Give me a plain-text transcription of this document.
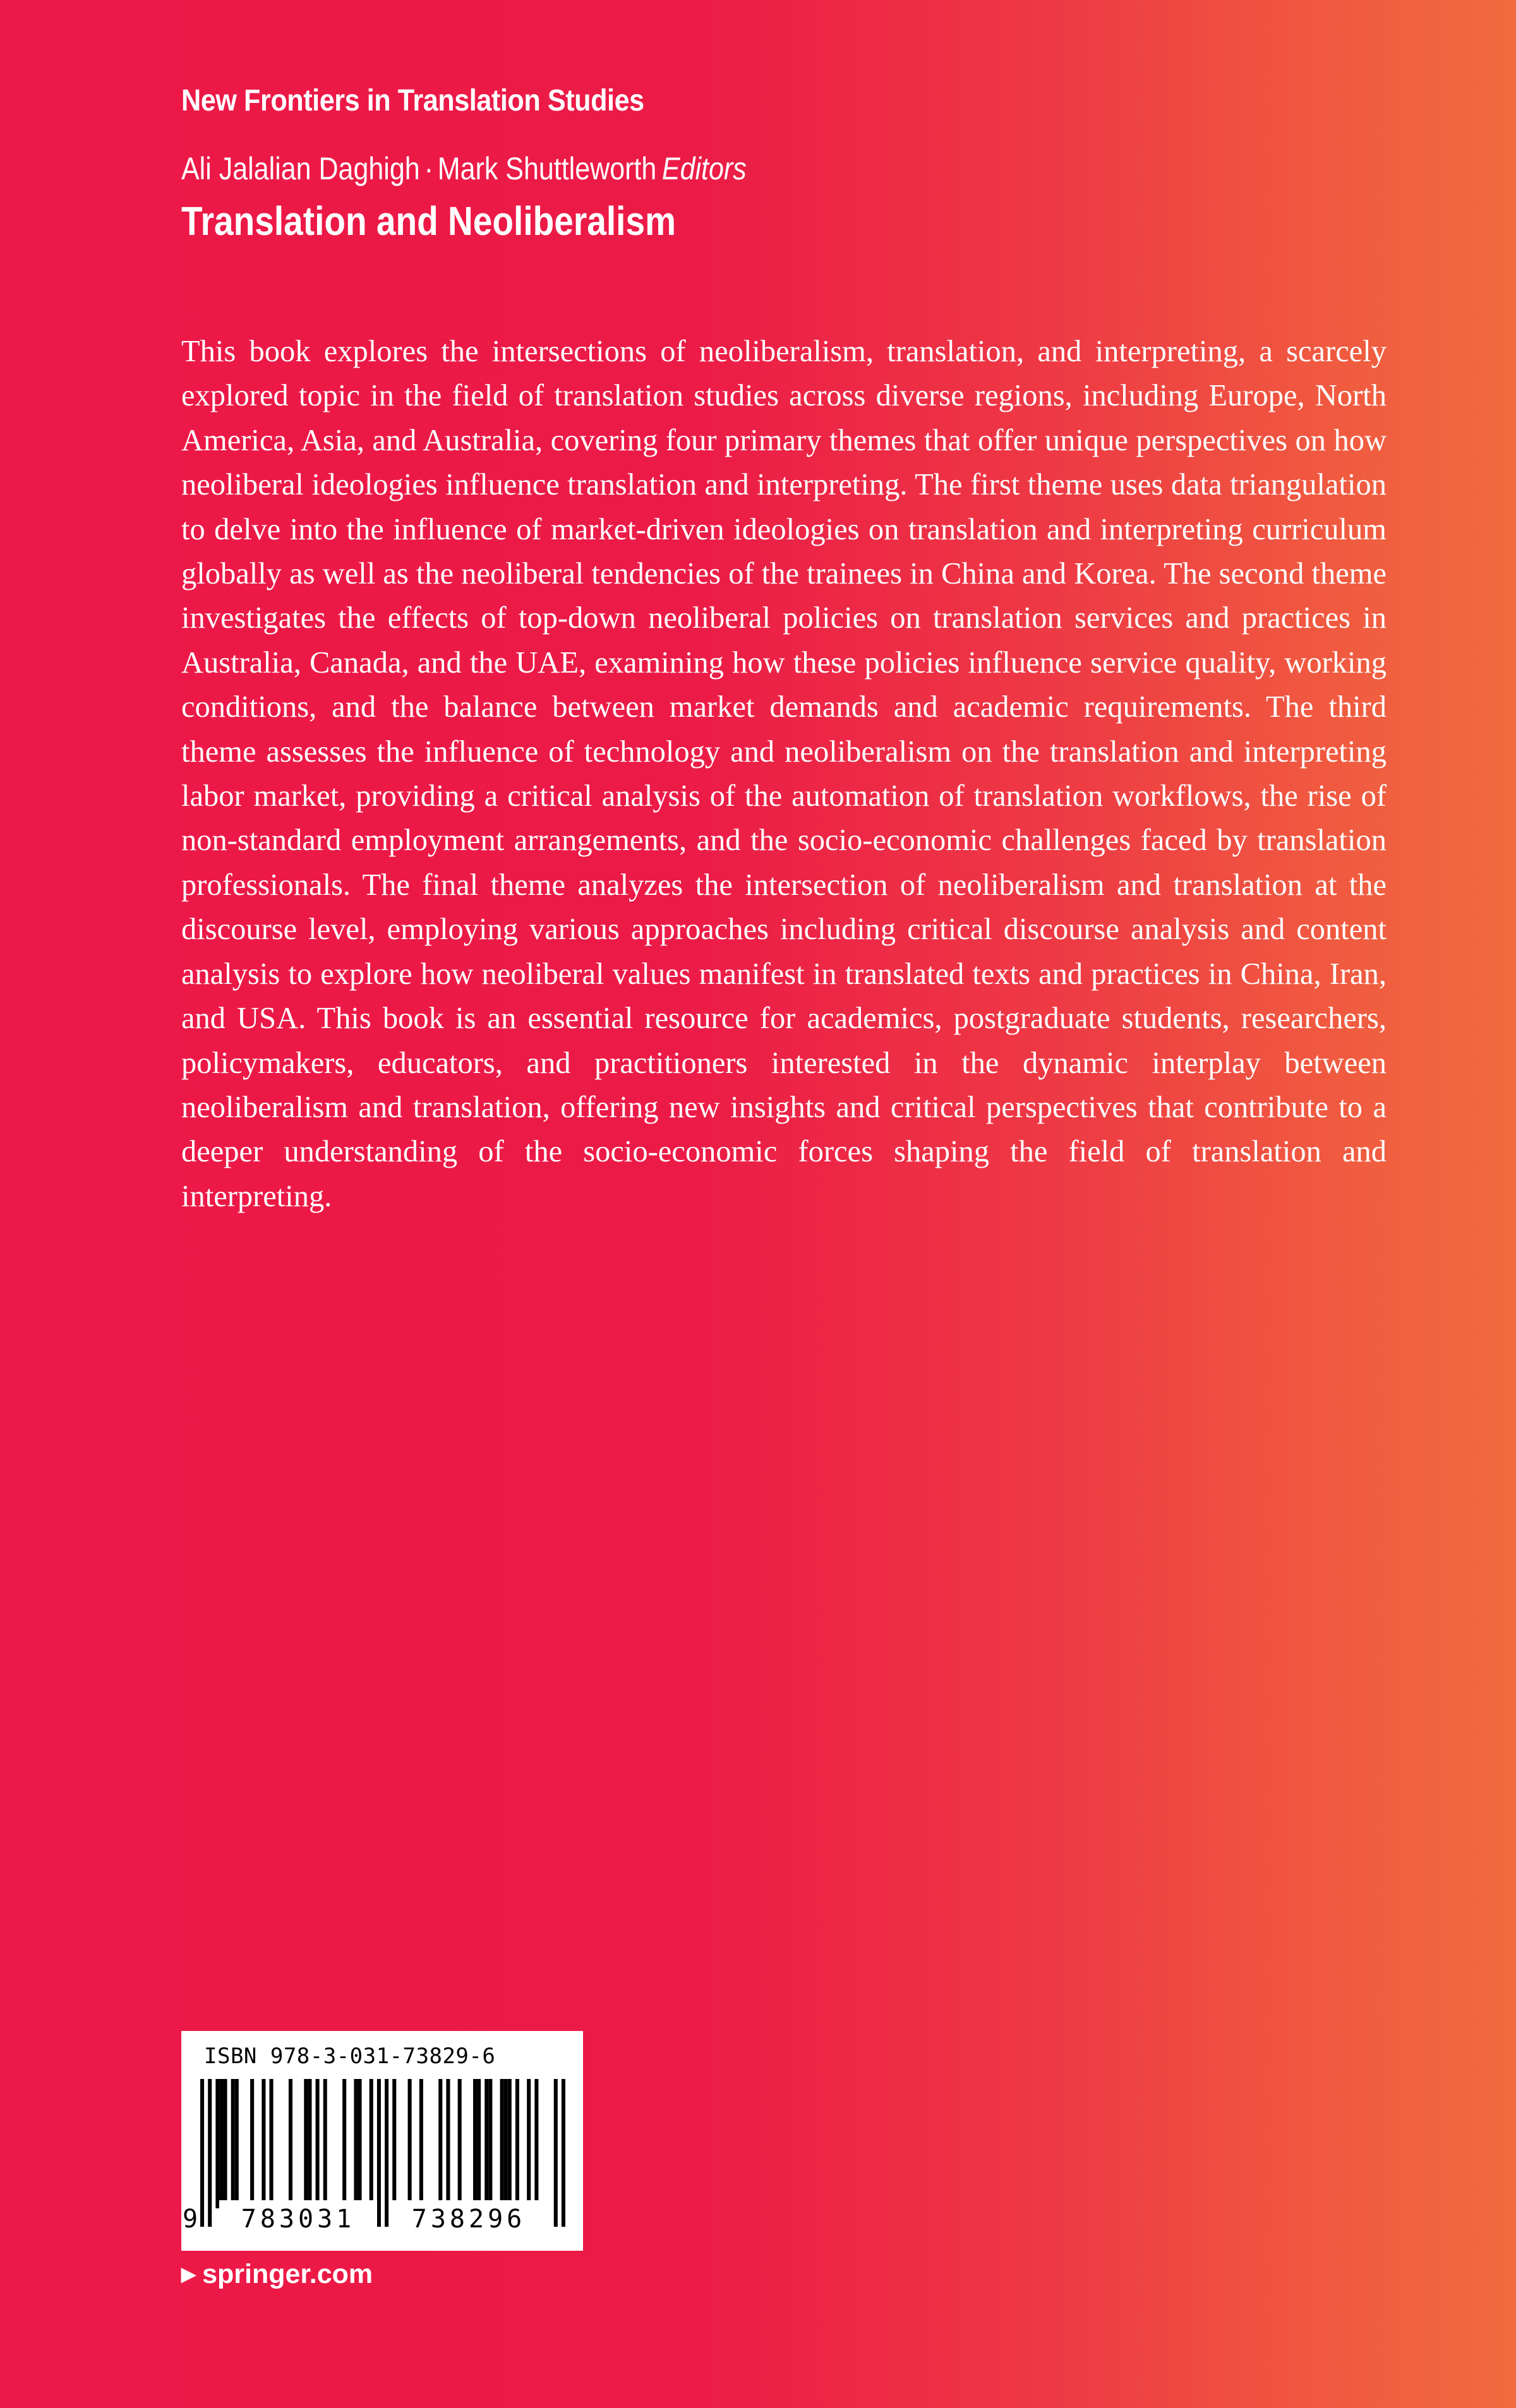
New Frontiers in Translation Studies
Ali Jalalian Daghigh · Mark Shuttleworth Editors
Translation and Neoliberalism

This book explores the intersections of neoliberalism, translation, and interpreting, a scarcely explored topic in the field of translation studies across diverse regions, including Europe, North America, Asia, and Australia, covering four primary themes that offer unique perspectives on how neoliberal ideologies influence translation and interpreting. The first theme uses data triangulation to delve into the influence of market-driven ideologies on translation and interpreting curriculum globally as well as the neoliberal tendencies of the trainees in China and Korea. The second theme investigates the effects of top-down neoliberal policies on translation services and practices in Australia, Canada, and the UAE, examining how these policies influence service quality, working conditions, and the balance between market demands and academic requirements. The third theme assesses the influence of technology and neoliberalism on the translation and interpreting labor market, providing a critical analysis of the automation of translation workflows, the rise of non-standard employment arrangements, and the socio-economic challenges faced by translation professionals. The final theme analyzes the intersection of neoliberalism and translation at the discourse level, employing various approaches including critical discourse analysis and content analysis to explore how neoliberal values manifest in translated texts and practices in China, Iran, and USA. This book is an essential resource for academics, postgraduate students, researchers, policymakers, educators, and practitioners interested in the dynamic interplay between neoliberalism and translation, offering new insights and critical perspectives that contribute to a deeper understanding of the socio-economic forces shaping the field of translation and interpreting.

ISBN 978-3-031-73829-6
9	783031	738296
▶ springer.com
